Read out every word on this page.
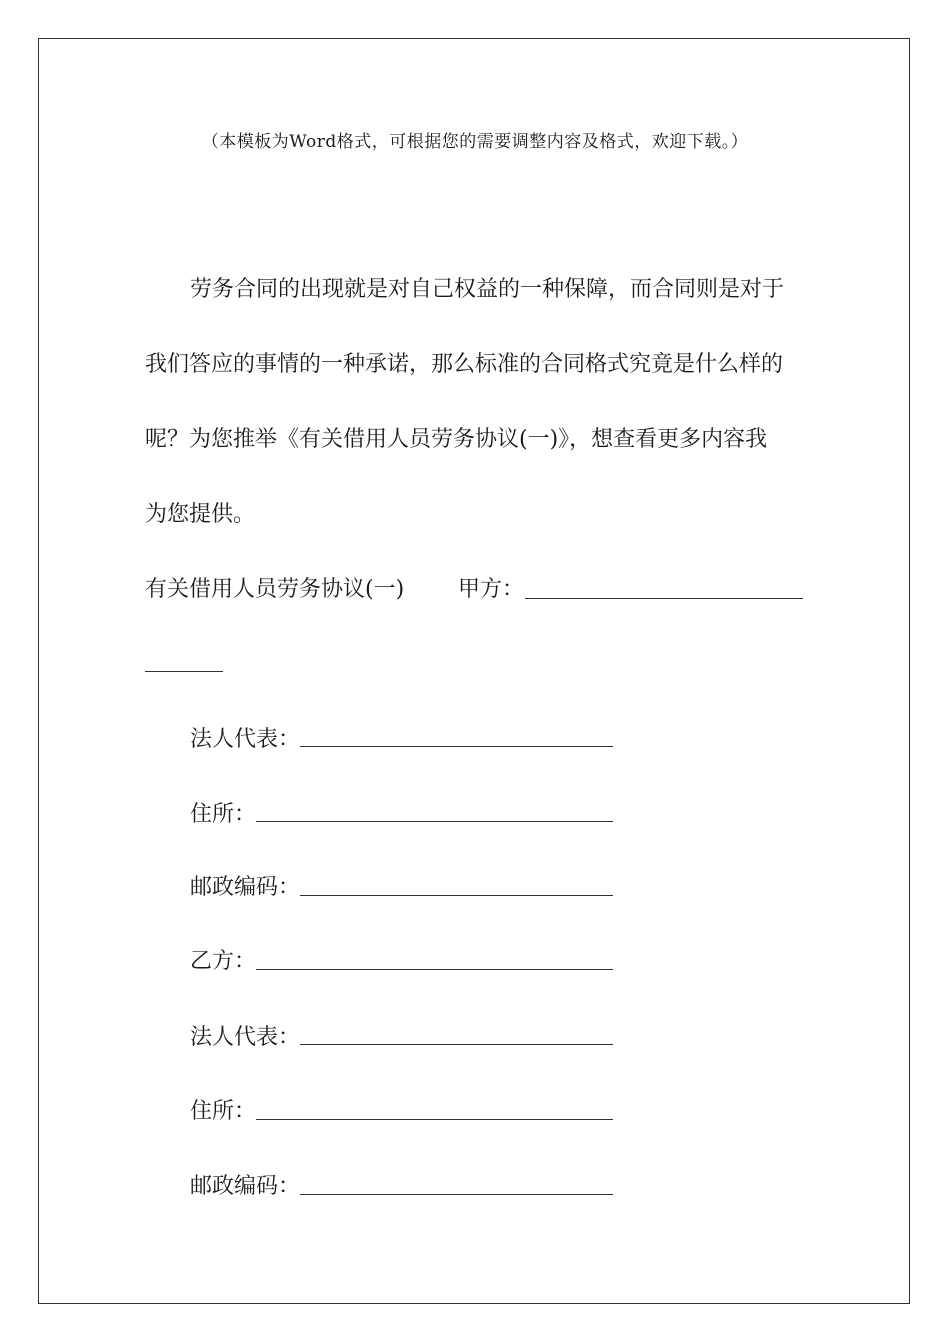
（本模板为Word格式，可根据您的需要调整内容及格式，欢迎下载。）
劳务合同的出现就是对自己权益的一种保障，而合同则是对于
我们答应的事情的一种承诺，那么标准的合同格式究竟是什么样的
呢？为您推举《有关借用人员劳务协议(一)》，想查看更多内容我
为您提供。
有关借用人员劳务协议(一) 甲方：
法人代表：
住所：
邮政编码：
乙方：
法人代表：
住所：
邮政编码：
